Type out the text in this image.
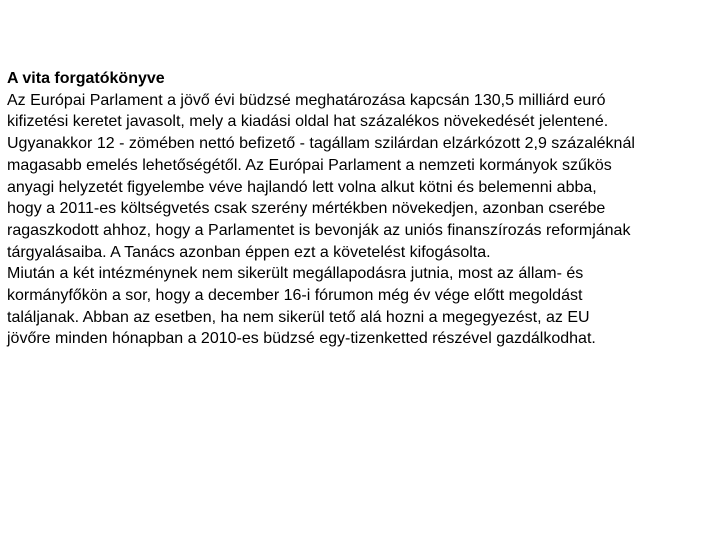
A vita forgatókönyve

Az Európai Parlament a jövő évi büdzsé meghatározása kapcsán 130,5 milliárd euró

kifizetési keretet javasolt, mely a kiadási oldal hat százalékos növekedését jelentené.

Ugyanakkor 12 - zömében nettó befizető - tagállam szilárdan elzárkózott 2,9 százaléknál

magasabb emelés lehetőségétől. Az Európai Parlament a nemzeti kormányok szűkös

anyagi helyzetét figyelembe véve hajlandó lett volna alkut kötni és belemenni abba,

hogy a 2011-es költségvetés csak szerény mértékben növekedjen, azonban cserébe

ragaszkodott ahhoz, hogy a Parlamentet is bevonják az uniós finanszírozás reformjának

tárgyalásaiba. A Tanács azonban éppen ezt a követelést kifogásolta.

Miután a két intézménynek nem sikerült megállapodásra jutnia, most az állam- és

kormányfőkön a sor, hogy a december 16-i fórumon még év vége előtt megoldást

találjanak. Abban az esetben, ha nem sikerül tető alá hozni a megegyezést, az EU

jövőre minden hónapban a 2010-es büdzsé egy-tizenketted részével gazdálkodhat.
